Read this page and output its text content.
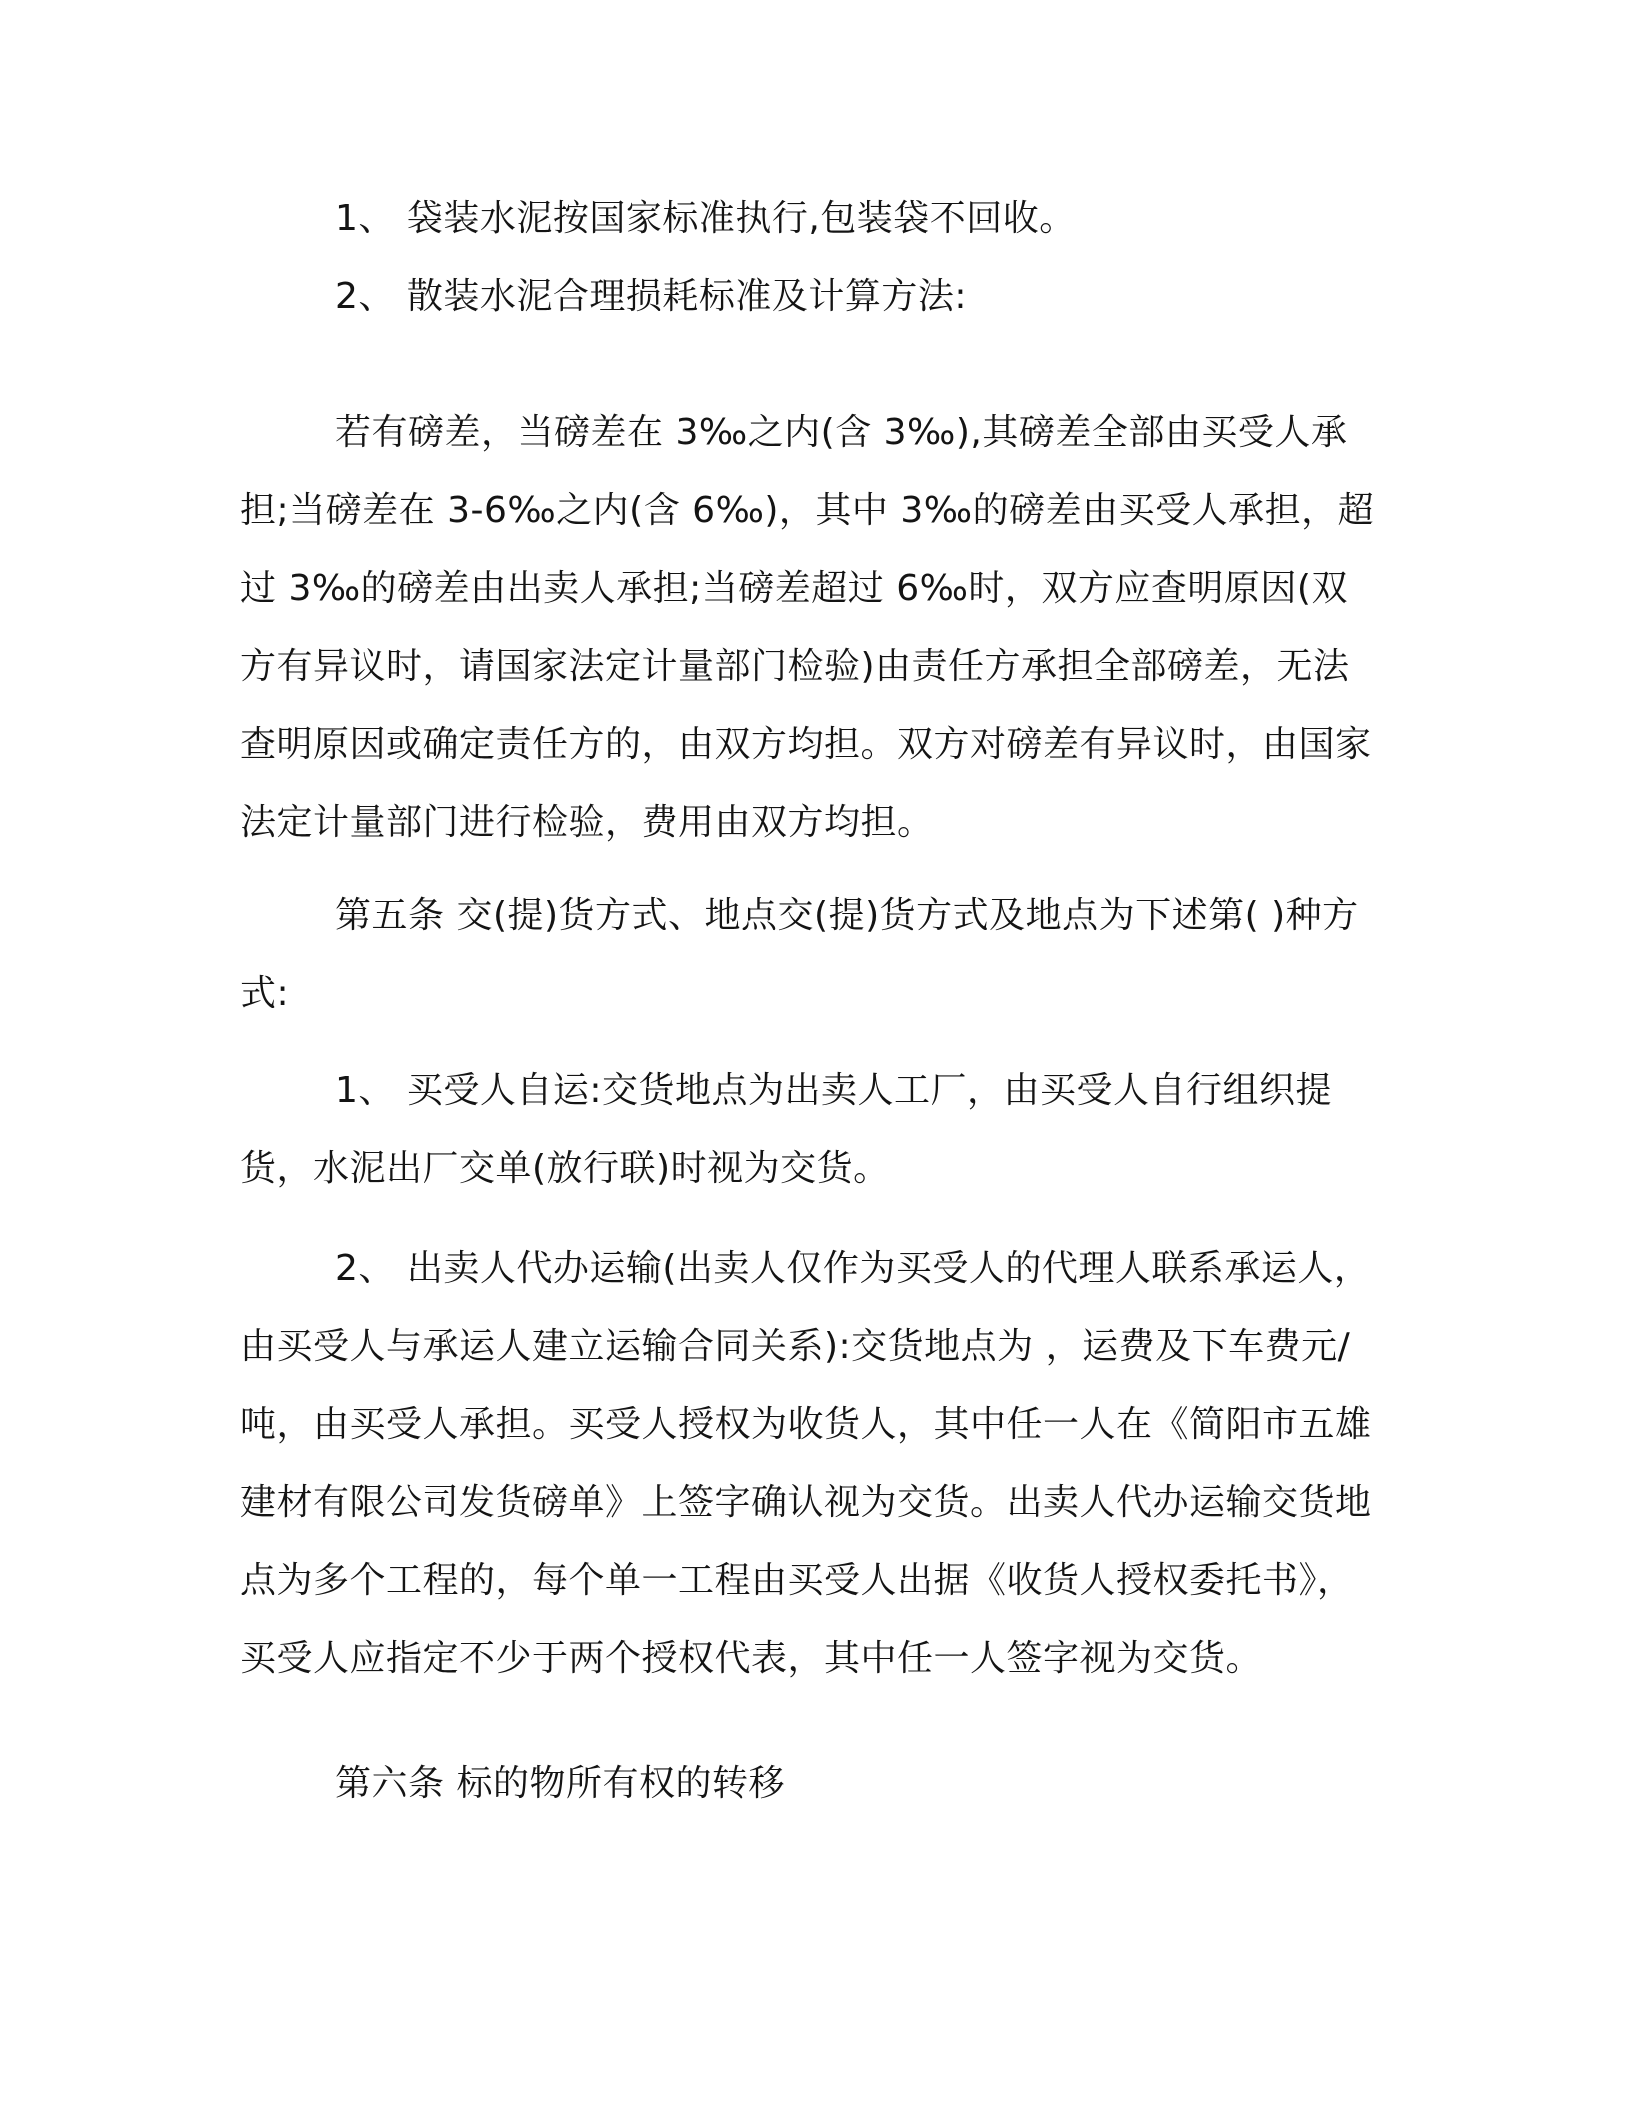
1、 袋装水泥按国家标准执行,包装袋不回收。

2、 散装水泥合理损耗标准及计算方法:

若有磅差，当磅差在 3‰之内(含 3‰),其磅差全部由买受人承担;当磅差在 3-6‰之内(含 6‰)，其中 3‰的磅差由买受人承担，超过 3‰的磅差由出卖人承担;当磅差超过 6‰时，双方应查明原因(双方有异议时，请国家法定计量部门检验)由责任方承担全部磅差，无法查明原因或确定责任方的，由双方均担。双方对磅差有异议时，由国家法定计量部门进行检验，费用由双方均担。

第五条 交(提)货方式、地点交(提)货方式及地点为下述第( )种方式:

1、 买受人自运:交货地点为出卖人工厂，由买受人自行组织提货，水泥出厂交单(放行联)时视为交货。

2、 出卖人代办运输(出卖人仅作为买受人的代理人联系承运人，由买受人与承运人建立运输合同关系):交货地点为 ，运费及下车费元/吨，由买受人承担。买受人授权为收货人，其中任一人在《简阳市五雄建材有限公司发货磅单》上签字确认视为交货。出卖人代办运输交货地点为多个工程的，每个单一工程由买受人出据《收货人授权委托书》，买受人应指定不少于两个授权代表，其中任一人签字视为交货。

第六条 标的物所有权的转移
